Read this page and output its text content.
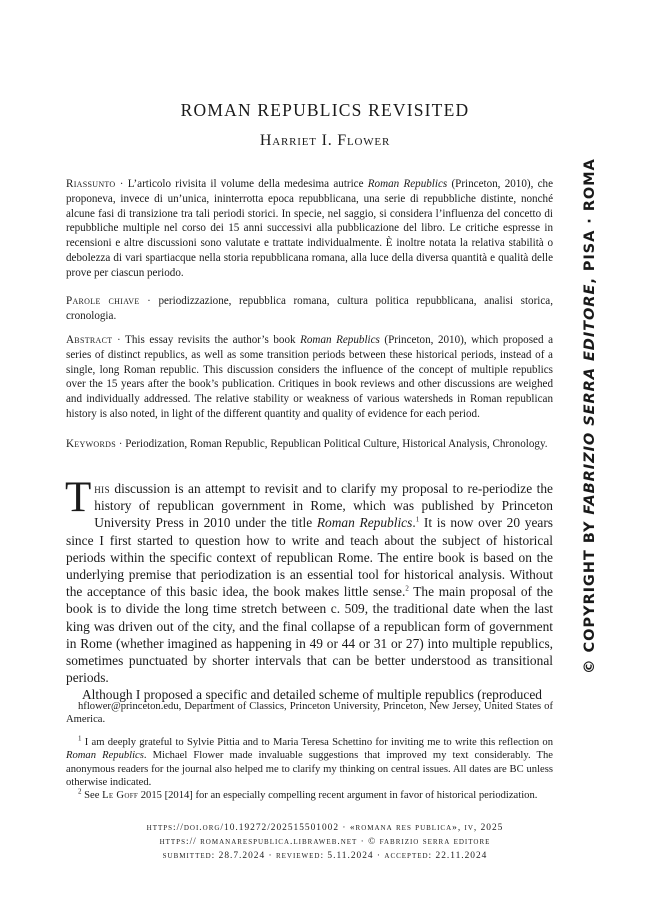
ROMAN REPUBLICS REVISITED
Harriet I. Flower
Riassunto · L’articolo rivisita il volume della medesima autrice Roman Republics (Princeton, 2010), che proponeva, invece di un’unica, ininterrotta epoca repubblicana, una serie di repubbliche distinte, nonché alcune fasi di transizione tra tali periodi storici. In specie, nel saggio, si considera l’influenza del concetto di repubbliche multiple nel corso dei 15 anni successivi alla pubblicazione del libro. Le critiche espresse in recensioni e altre discussioni sono valutate e trattate individualmente. È inoltre notata la relativa stabilità o debolezza di vari spartiacque nella storia repubblicana romana, alla luce della diversa quantità e qualità delle prove per ciascun periodo.
Parole chiave · periodizzazione, repubblica romana, cultura politica repubblicana, analisi storica, cronologia.
Abstract · This essay revisits the author’s book Roman Republics (Princeton, 2010), which proposed a series of distinct republics, as well as some transition periods between these historical periods, instead of a single, long Roman republic. This discussion considers the influence of the concept of multiple republics over the 15 years after the book’s publication. Critiques in book reviews and other discussions are weighed and individually addressed. The relative stability or weakness of various watersheds in Roman republican history is also noted, in light of the different quantity and quality of evidence for each period.
Keywords · Periodization, Roman Republic, Republican Political Culture, Historical Analysis, Chronology.

This discussion is an attempt to revisit and to clarify my proposal to re-periodize the history of republican government in Rome, which was published by Princeton University Press in 2010 under the title Roman Republics.$^1$ It is now over 20 years since I first started to question how to write and teach about the subject of historical periods within the specific context of republican Rome. The entire book is based on the underlying premise that periodization is an essential tool for historical analysis. Without the acceptance of this basic idea, the book makes little sense.$^2$ The main proposal of the book is to divide the long time stretch between c. 509, the traditional date when the last king was driven out of the city, and the final collapse of a republican form of government in Rome (whether imagined as happening in 49 or 44 or 31 or 27) into multiple republics, sometimes punctuated by shorter intervals that can be better understood as transitional periods.

Although I proposed a specific and detailed scheme of multiple republics (reproduced

hflower@princeton.edu, Department of Classics, Princeton University, Princeton, New Jersey, United States of America.

$^1$ I am deeply grateful to Sylvie Pittia and to Maria Teresa Schettino for inviting me to write this reflection on Roman Republics. Michael Flower made invaluable suggestions that improved my text considerably. The anonymous readers for the journal also helped me to clarify my thinking on central issues. All dates are BC unless otherwise indicated.

$^2$ See Le Goff 2015 [2014] for an especially compelling recent argument in favor of historical periodization.

https://doi.org/10.19272/202515501002 · «romana res publica», iv, 2025
https:// romanarespublica.libraweb.net · © fabrizio serra editore
submitted: 28.7.2024 · reviewed: 5.11.2024 · accepted: 22.11.2024
© COPYRIGHT BY FABRIZIO SERRA EDITORE, PISA · ROMA
